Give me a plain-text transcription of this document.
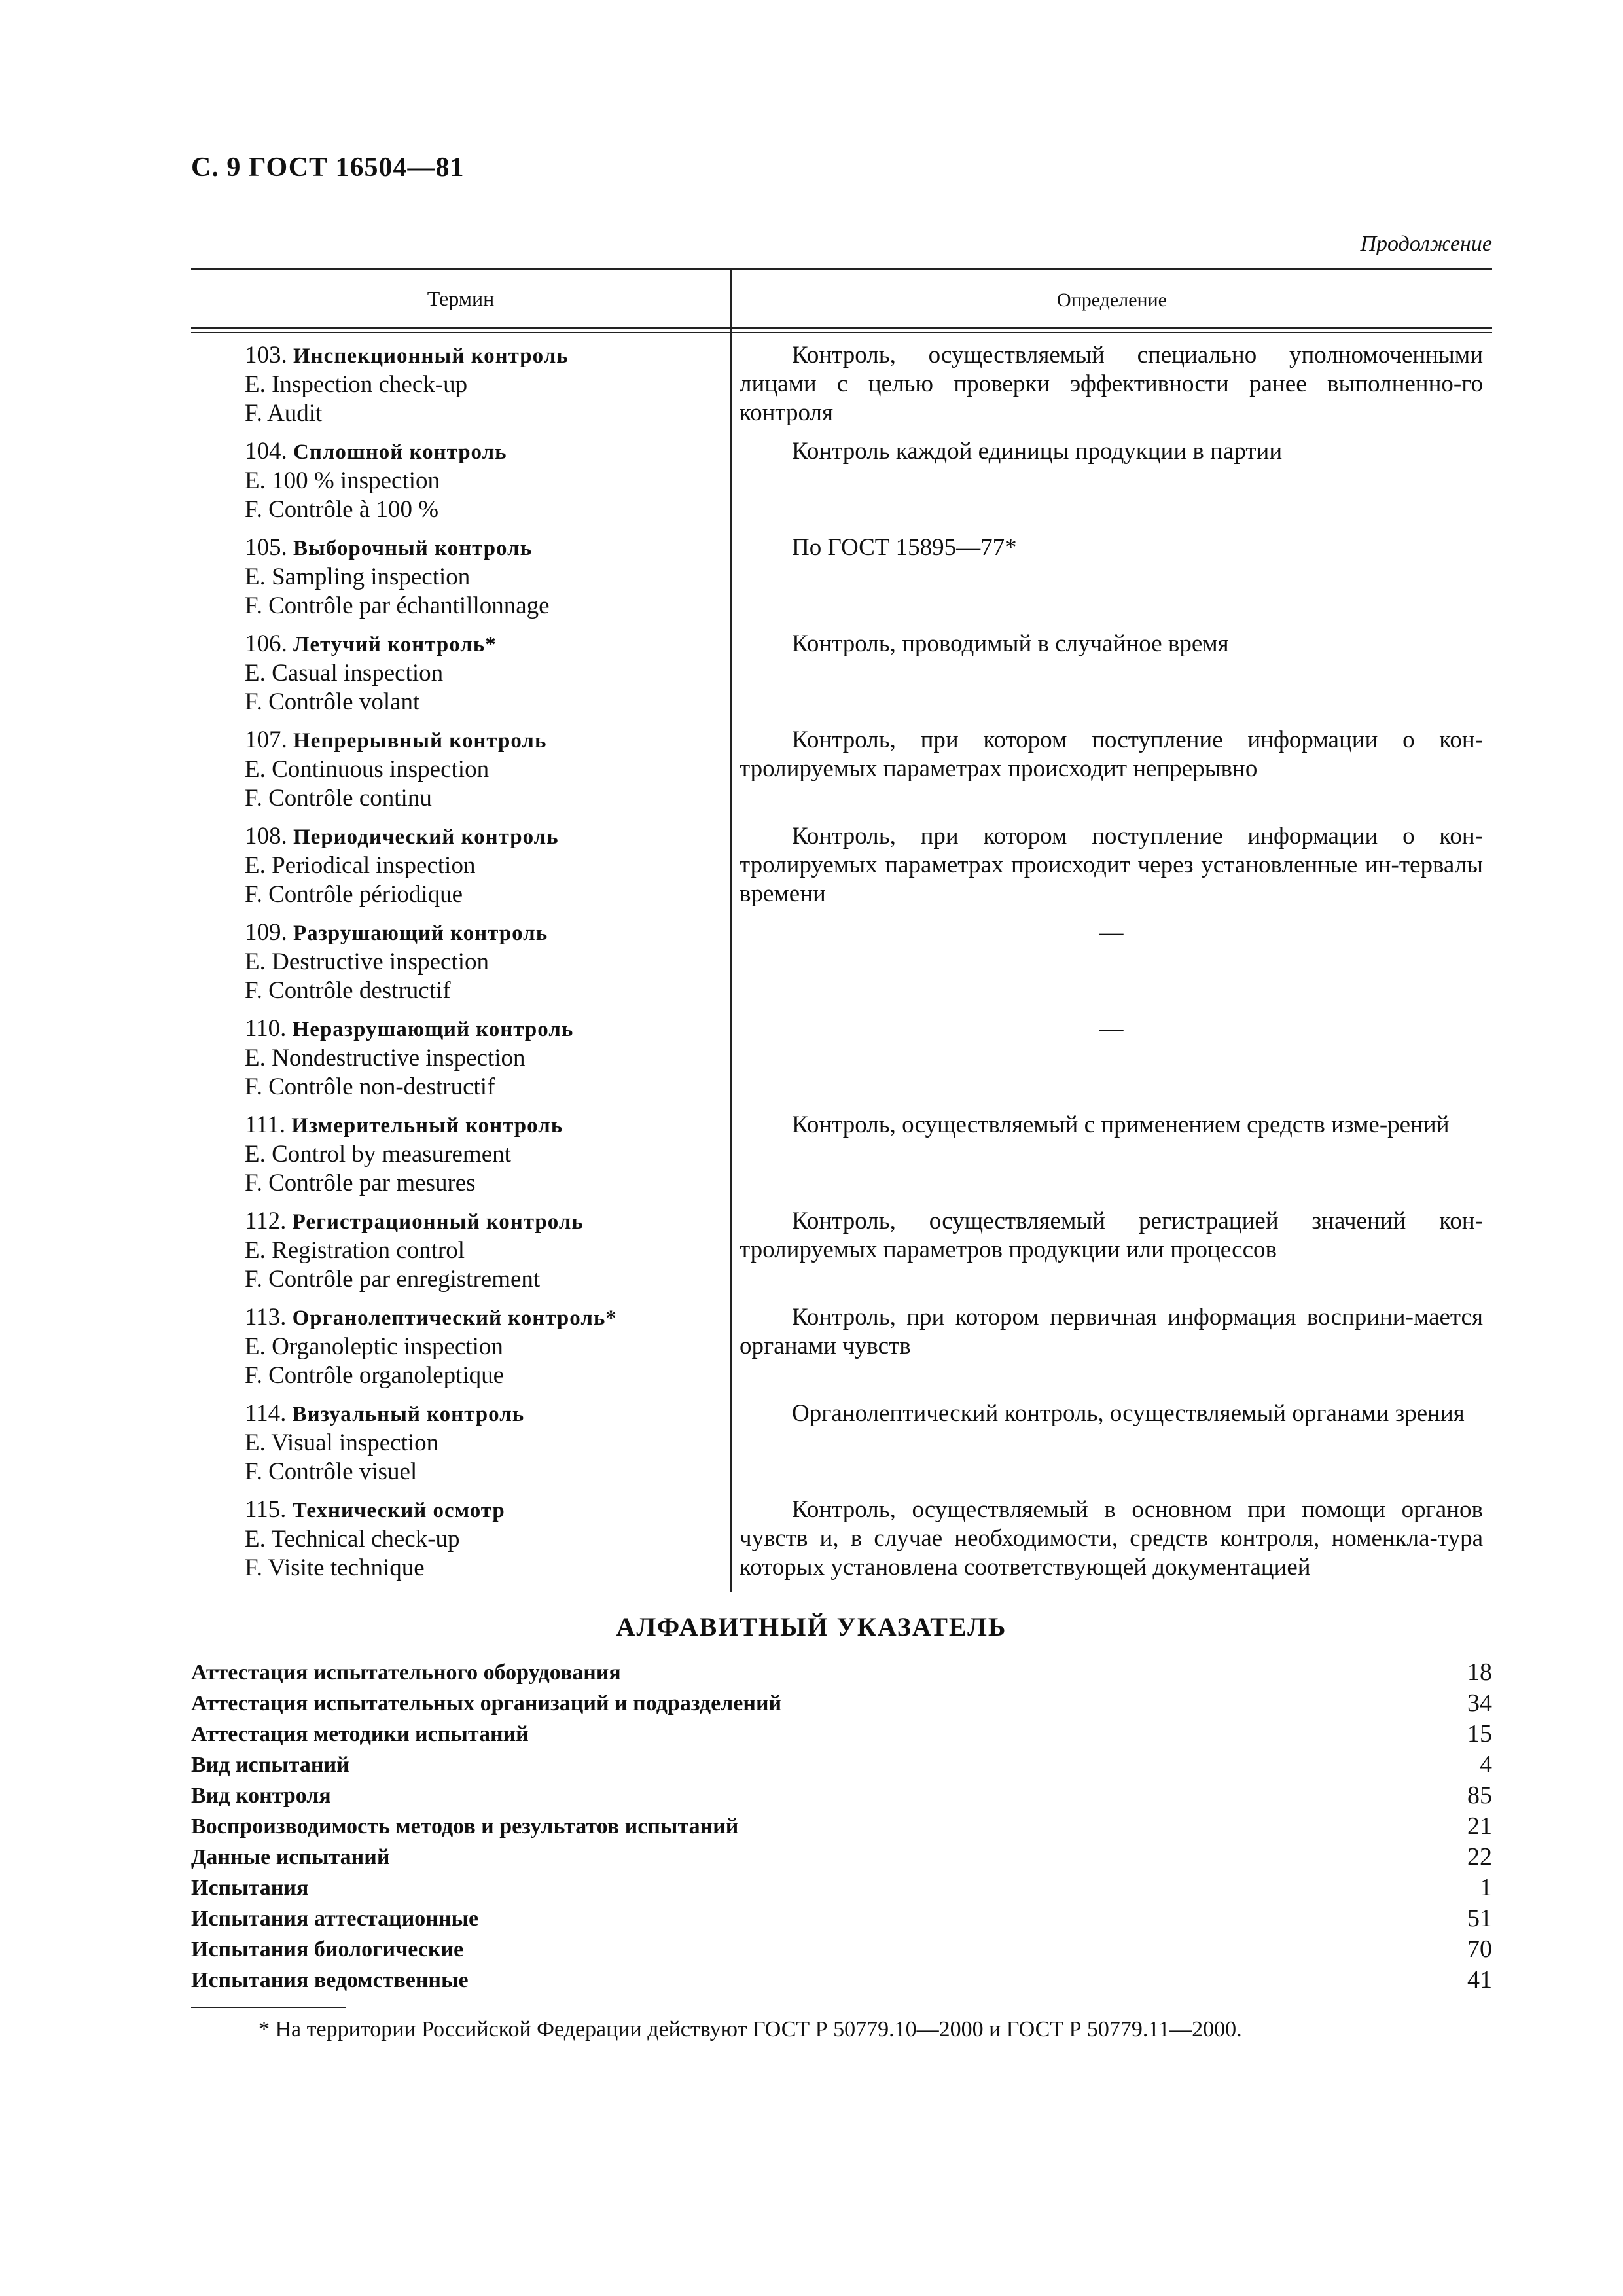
С. 9 ГОСТ 16504—81
Продолжение
Термин	Определение
103. Инспекционный контроль
E. Inspection check-up
F. Audit
Контроль, осуществляемый специально уполномоченными лицами с целью проверки эффективности ранее выполненно-го контроля
104. Сплошной контроль
E. 100 % inspection
F. Contrôle à 100 %
Контроль каждой единицы продукции в партии
105. Выборочный контроль
E. Sampling inspection
F. Contrôle par échantillonnage
По ГОСТ 15895—77*
106. Летучий контроль*
E. Casual inspection
F. Contrôle volant
Контроль, проводимый в случайное время
107. Непрерывный контроль
E. Continuous inspection
F. Contrôle continu
Контроль, при котором поступление информации о кон-тролируемых параметрах происходит непрерывно
108. Периодический контроль
E. Periodical inspection
F. Contrôle périodique
Контроль, при котором поступление информации о кон-тролируемых параметрах происходит через установленные ин-тервалы времени
109. Разрушающий контроль
E. Destructive inspection
F. Contrôle destructif
—
110. Неразрушающий контроль
E. Nondestructive inspection
F. Contrôle non-destructif
—
111. Измерительный контроль
E. Control by measurement
F. Contrôle par mesures
Контроль, осуществляемый с применением средств изме-рений
112. Регистрационный контроль
E. Registration control
F. Contrôle par enregistrement
Контроль, осуществляемый регистрацией значений кон-тролируемых параметров продукции или процессов
113. Органолептический контроль*
E. Organoleptic inspection
F. Contrôle organoleptique
Контроль, при котором первичная информация восприни-мается органами чувств
114. Визуальный контроль
E. Visual inspection
F. Contrôle visuel
Органолептический контроль, осуществляемый органами зрения
115. Технический осмотр
E. Technical check-up
F. Visite technique
Контроль, осуществляемый в основном при помощи органов чувств и, в случае необходимости, средств контроля, номенкла-тура которых установлена соответствующей документацией
АЛФАВИТНЫЙ УКАЗАТЕЛЬ
Аттестация испытательного оборудования	18
Аттестация испытательных организаций и подразделений	34
Аттестация методики испытаний	15
Вид испытаний	4
Вид контроля	85
Воспроизводимость методов и результатов испытаний	21
Данные испытаний	22
Испытания	1
Испытания аттестационные	51
Испытания биологические	70
Испытания ведомственные	41
* На территории Российской Федерации действуют ГОСТ Р 50779.10—2000 и ГОСТ Р 50779.11—2000.
